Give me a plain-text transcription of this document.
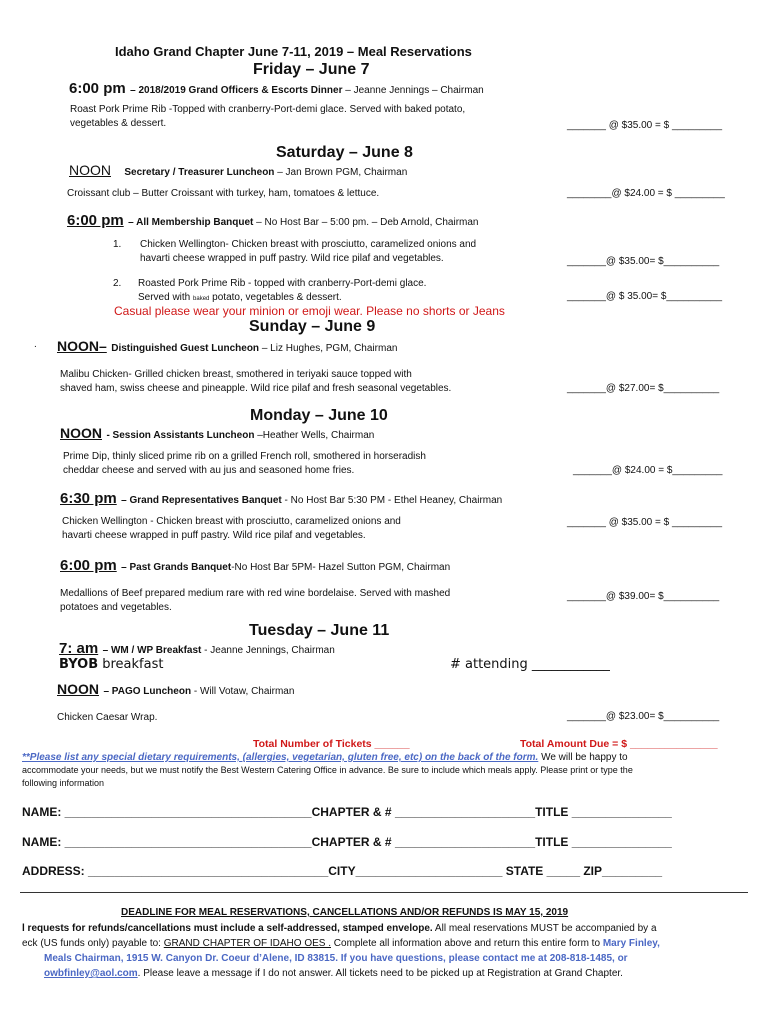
Idaho Grand Chapter June 7-11, 2019 – Meal Reservations
Friday – June 7
6:00 pm – 2018/2019 Grand Officers & Escorts Dinner – Jeanne Jennings – Chairman
Roast Pork Prime Rib -Topped with cranberry-Port-demi glace. Served with baked potato,
vegetables & dessert.	_______ @ $35.00 = $ _________
Saturday – June 8
NOON Secretary / Treasurer Luncheon – Jan Brown PGM, Chairman
Croissant club – Butter Croissant with turkey, ham, tomatoes & lettuce.	________@ $24.00 = $ _________
6:00 pm – All Membership Banquet – No Host Bar – 5:00 pm. – Deb Arnold, Chairman
1. Chicken Wellington- Chicken breast with prosciutto, caramelized onions and
havarti cheese wrapped in puff pastry. Wild rice pilaf and vegetables.	_______@ $35.00= $__________
2. Roasted Pork Prime Rib - topped with cranberry-Port-demi glace.
Served with baked potato, vegetables & dessert.	_______@ $ 35.00= $__________
Casual please wear your minion or emoji wear. Please no shorts or Jeans
Sunday – June 9
. NOON– Distinguished Guest Luncheon – Liz Hughes, PGM, Chairman
Malibu Chicken- Grilled chicken breast, smothered in teriyaki sauce topped with
shaved ham, swiss cheese and pineapple. Wild rice pilaf and fresh seasonal vegetables.	_______@ $27.00= $__________
Monday – June 10
NOON - Session Assistants Luncheon –Heather Wells, Chairman
Prime Dip, thinly sliced prime rib on a grilled French roll, smothered in horseradish
cheddar cheese and served with au jus and seasoned home fries.	_______@ $24.00 = $_________
6:30 pm – Grand Representatives Banquet - No Host Bar 5:30 PM - Ethel Heaney, Chairman
Chicken Wellington - Chicken breast with prosciutto, caramelized onions and
havarti cheese wrapped in puff pastry. Wild rice pilaf and vegetables.
_______ @ $35.00 = $ _________
6:00 pm – Past Grands Banquet-No Host Bar 5PM- Hazel Sutton PGM, Chairman
Medallions of Beef prepared medium rare with red wine bordelaise. Served with mashed
potatoes and vegetables.
_______@ $39.00= $__________
Tuesday – June 11
7: am – WM / WP Breakfast - Jeanne Jennings, Chairman
BYOB breakfast	# attending ____________
NOON – PAGO Luncheon - Will Votaw, Chairman
Chicken Caesar Wrap.	_______@ $23.00= $__________
Total Number of Tickets ______	Total Amount Due = $ _______________
**Please list any special dietary requirements, (allergies, vegetarian, gluten free, etc) on the back of the form. We will be happy to
accommodate your needs, but we must notify the Best Western Catering Office in advance. Be sure to include which meals apply. Please print or type the
following information
NAME: _____________________________________CHAPTER & # _____________________TITLE _______________
NAME: _____________________________________CHAPTER & # _____________________TITLE _______________
ADDRESS: ____________________________________CITY______________________ STATE _____ ZIP_________
DEADLINE FOR MEAL RESERVATIONS, CANCELLATIONS AND/OR REFUNDS IS MAY 15, 2019
l requests for refunds/cancellations must include a self-addressed, stamped envelope. All meal reservations MUST be accompanied by a
eck (US funds only) payable to: GRAND CHAPTER OF IDAHO OES . Complete all information above and return this entire form to Mary Finley,
Meals Chairman, 1915 W. Canyon Dr. Coeur d’Alene, ID 83815. If you have questions, please contact me at 208-818-1485, or
owbfinley@aol.com. Please leave a message if I do not answer. All tickets need to be picked up at Registration at Grand Chapter.
